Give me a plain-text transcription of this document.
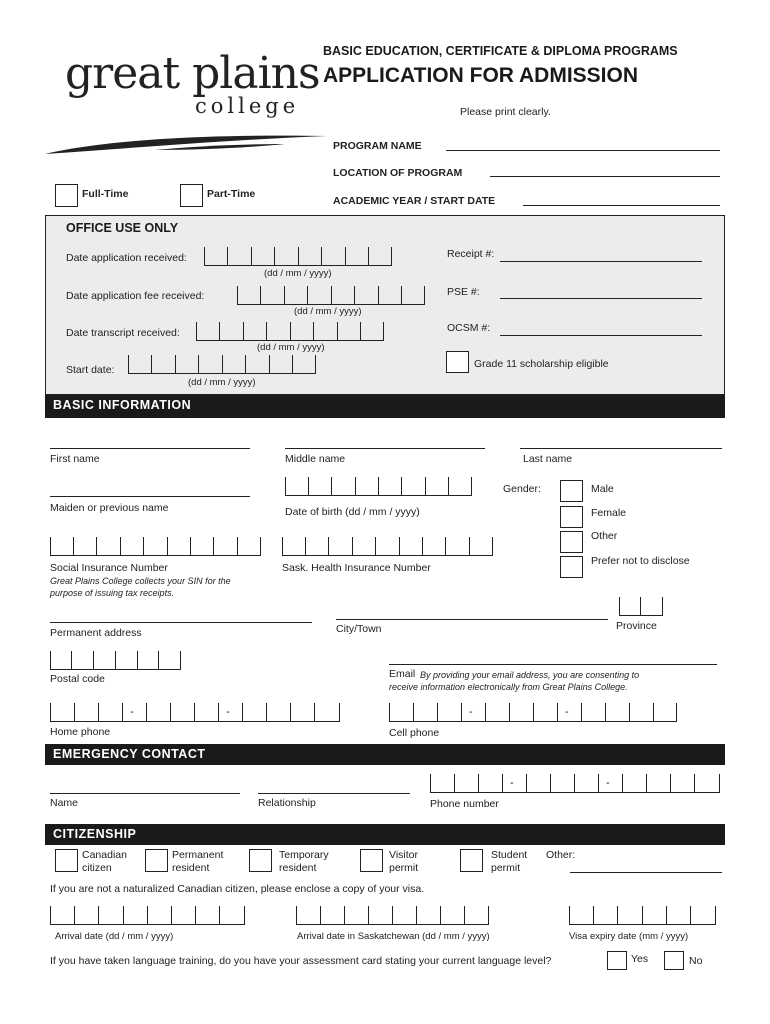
great plains
college
BASIC EDUCATION, CERTIFICATE & DIPLOMA PROGRAMS
APPLICATION FOR ADMISSION
Please print clearly.
PROGRAM NAME
LOCATION OF PROGRAM
ACADEMIC YEAR / START DATE
Full-Time	Part-Time
OFFICE USE ONLY
Date application received:
(dd / mm / yyyy)
Date application fee received:
(dd / mm / yyyy)
Date transcript received:
(dd / mm / yyyy)
Start date:
(dd / mm / yyyy)
Receipt #:
PSE #:
OCSM #:
Grade 11 scholarship eligible
BASIC INFORMATION
First name	Middle name	Last name
Maiden or previous name	Date of birth (dd / mm / yyyy)
Gender:	Male
Female
Other
Prefer not to disclose
Social Insurance Number
Great Plains College collects your SIN for the
purpose of issuing tax receipts.
Sask. Health Insurance Number
Permanent address	City/Town	Province
Postal code	Email By providing your email address, you are consenting to
receive information electronically from Great Plains College.
-	-
Home phone
-	-
Cell phone
EMERGENCY CONTACT
Name	Relationship
-	-
Phone number
CITIZENSHIP
Canadian
citizen
Permanent
resident
Temporary
resident
Visitor
permit
Student
permit
Other:
If you are not a naturalized Canadian citizen, please enclose a copy of your visa.
Arrival date (dd / mm / yyyy)	Arrival date in Saskatchewan (dd / mm / yyyy)	Visa expiry date (mm / yyyy)
If you have taken language training, do you have your assessment card stating your current language level?	Yes	No
